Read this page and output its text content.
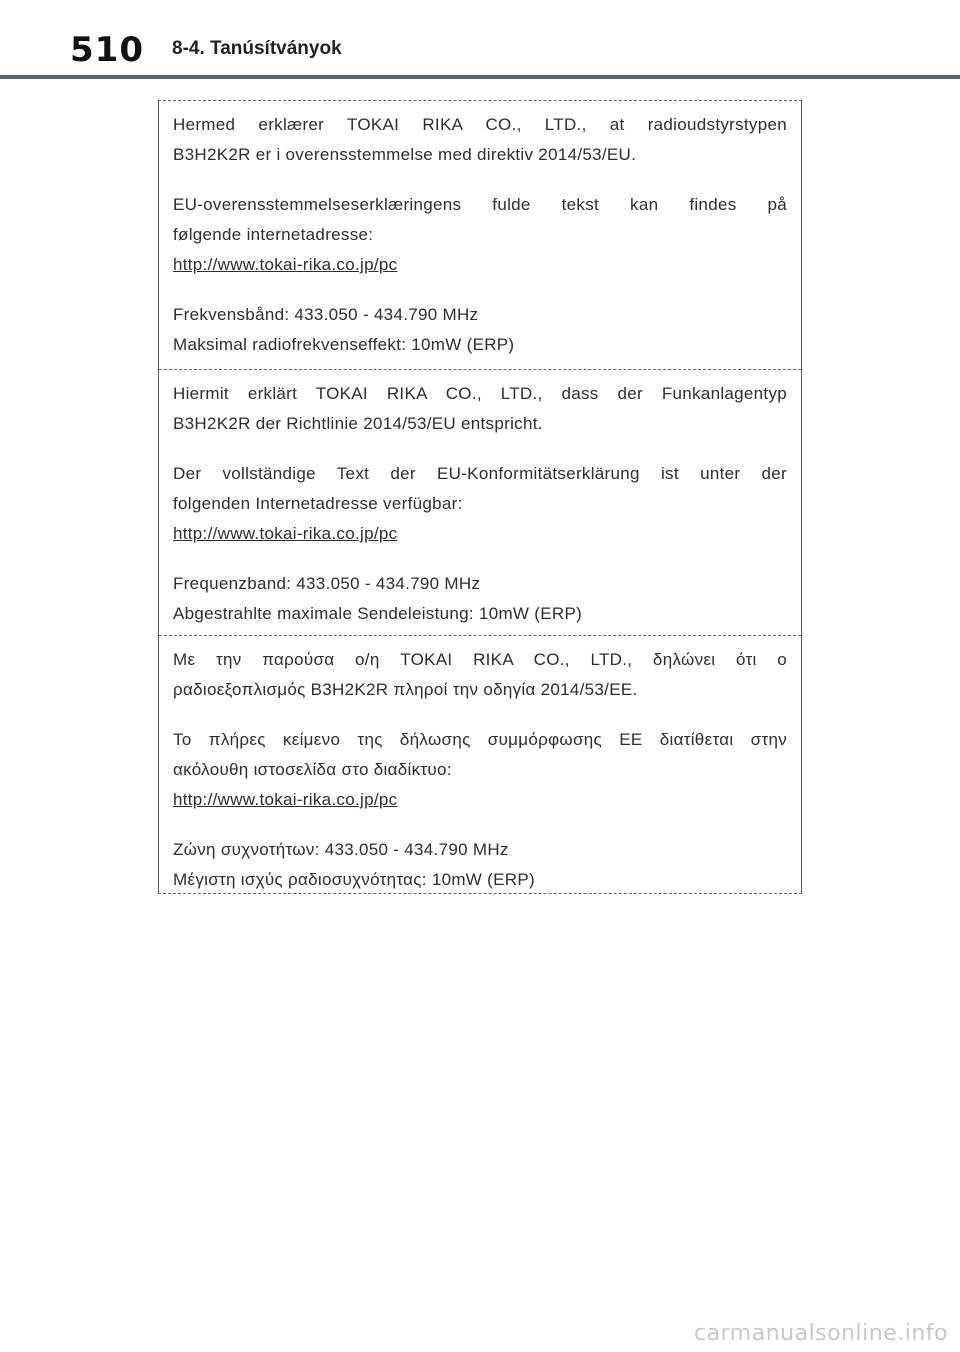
510 8-4. Tanúsítványok
Hermed erklærer TOKAI RIKA CO., LTD., at radioudstyrstypen
B3H2K2R er i overensstemmelse med direktiv 2014/53/EU.
EU-overensstemmelseserklæringens fulde tekst kan findes på
følgende internetadresse:
http://www.tokai-rika.co.jp/pc
Frekvensbånd: 433.050 - 434.790 MHz
Maksimal radiofrekvenseffekt: 10mW (ERP)
Hiermit erklärt TOKAI RIKA CO., LTD., dass der Funkanlagentyp
B3H2K2R der Richtlinie 2014/53/EU entspricht.
Der vollständige Text der EU-Konformitätserklärung ist unter der
folgenden Internetadresse verfügbar:
http://www.tokai-rika.co.jp/pc
Frequenzband: 433.050 - 434.790 MHz
Abgestrahlte maximale Sendeleistung: 10mW (ERP)
Με την παρούσα ο/η TOKAI RIKA CO., LTD., δηλώνει ότι ο
ραδιοεξοπλισμός B3H2K2R πληροί την οδηγία 2014/53/ΕΕ.
Το πλήρες κείμενο της δήλωσης συμμόρφωσης ΕΕ διατίθεται στην
ακόλουθη ιστοσελίδα στο διαδίκτυο:
http://www.tokai-rika.co.jp/pc
Ζώνη συχνοτήτων: 433.050 - 434.790 MHz
Μέγιστη ισχύς ραδιοσυχνότητας: 10mW (ERP)
carmanualsonline.info
